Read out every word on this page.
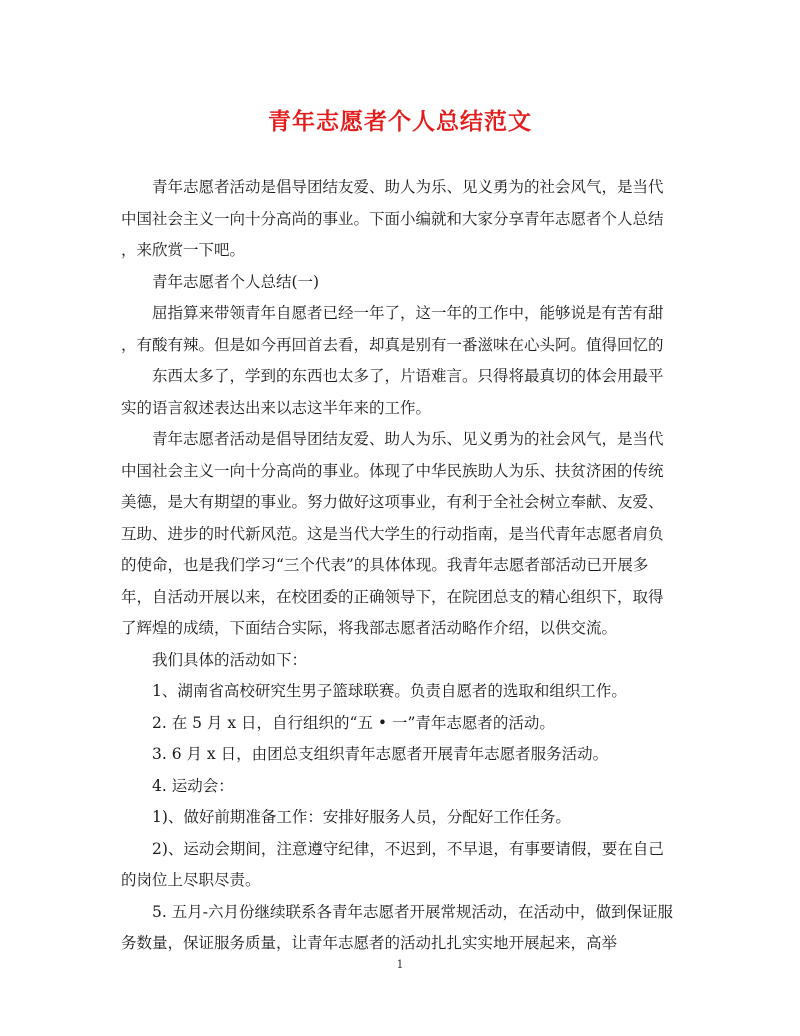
青年志愿者个人总结范文
青年志愿者活动是倡导团结友爱、助人为乐、见义勇为的社会风气，是当代
中国社会主义一向十分高尚的事业。下面小编就和大家分享青年志愿者个人总结
，来欣赏一下吧。
青年志愿者个人总结(一)
屈指算来带领青年自愿者已经一年了，这一年的工作中，能够说是有苦有甜
，有酸有辣。但是如今再回首去看，却真是别有一番滋味在心头阿。值得回忆的
东西太多了，学到的东西也太多了，片语难言。只得将最真切的体会用最平
实的语言叙述表达出来以志这半年来的工作。
青年志愿者活动是倡导团结友爱、助人为乐、见义勇为的社会风气，是当代
中国社会主义一向十分高尚的事业。体现了中华民族助人为乐、扶贫济困的传统
美德，是大有期望的事业。努力做好这项事业，有利于全社会树立奉献、友爱、
互助、进步的时代新风范。这是当代大学生的行动指南，是当代青年志愿者肩负
的使命，也是我们学习“三个代表”的具体体现。我青年志愿者部活动已开展多
年，自活动开展以来，在校团委的正确领导下，在院团总支的精心组织下，取得
了辉煌的成绩，下面结合实际，将我部志愿者活动略作介绍，以供交流。
我们具体的活动如下：
1、湖南省高校研究生男子篮球联赛。负责自愿者的选取和组织工作。
2. 在 5 月 x 日，自行组织的“五 • 一”青年志愿者的活动。
3. 6 月 x 日，由团总支组织青年志愿者开展青年志愿者服务活动。
4. 运动会：
1)、做好前期准备工作：安排好服务人员，分配好工作任务。
2)、运动会期间，注意遵守纪律，不迟到，不早退，有事要请假，要在自己
的岗位上尽职尽责。
5. 五月-六月份继续联系各青年志愿者开展常规活动，在活动中，做到保证服
务数量，保证服务质量，让青年志愿者的活动扎扎实实地开展起来，高举
1
